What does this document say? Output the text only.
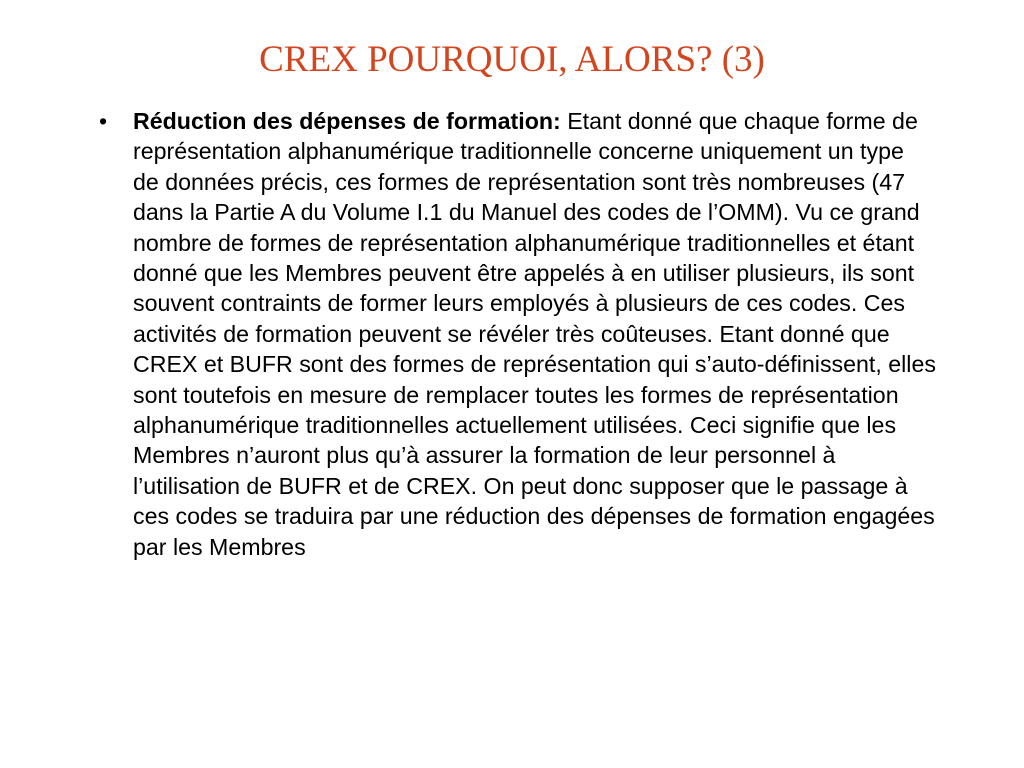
CREX POURQUOI, ALORS? (3)
• Réduction des dépenses de formation: Etant donné que chaque forme de représentation alphanumérique traditionnelle concerne uniquement un type de données précis, ces formes de représentation sont très nombreuses (47 dans la Partie A du Volume I.1 du Manuel des codes de l’OMM). Vu ce grand nombre de formes de représentation alphanumérique traditionnelles et étant donné que les Membres peuvent être appelés à en utiliser plusieurs, ils sont souvent contraints de former leurs employés à plusieurs de ces codes. Ces activités de formation peuvent se révéler très coûteuses. Etant donné que CREX et BUFR sont des formes de représentation qui s’auto-définissent, elles sont toutefois en mesure de remplacer toutes les formes de représentation alphanumérique traditionnelles actuellement utilisées. Ceci signifie que les Membres n’auront plus qu’à assurer la formation de leur personnel à l’utilisation de BUFR et de CREX. On peut donc supposer que le passage à ces codes se traduira par une réduction des dépenses de formation engagées par les Membres
